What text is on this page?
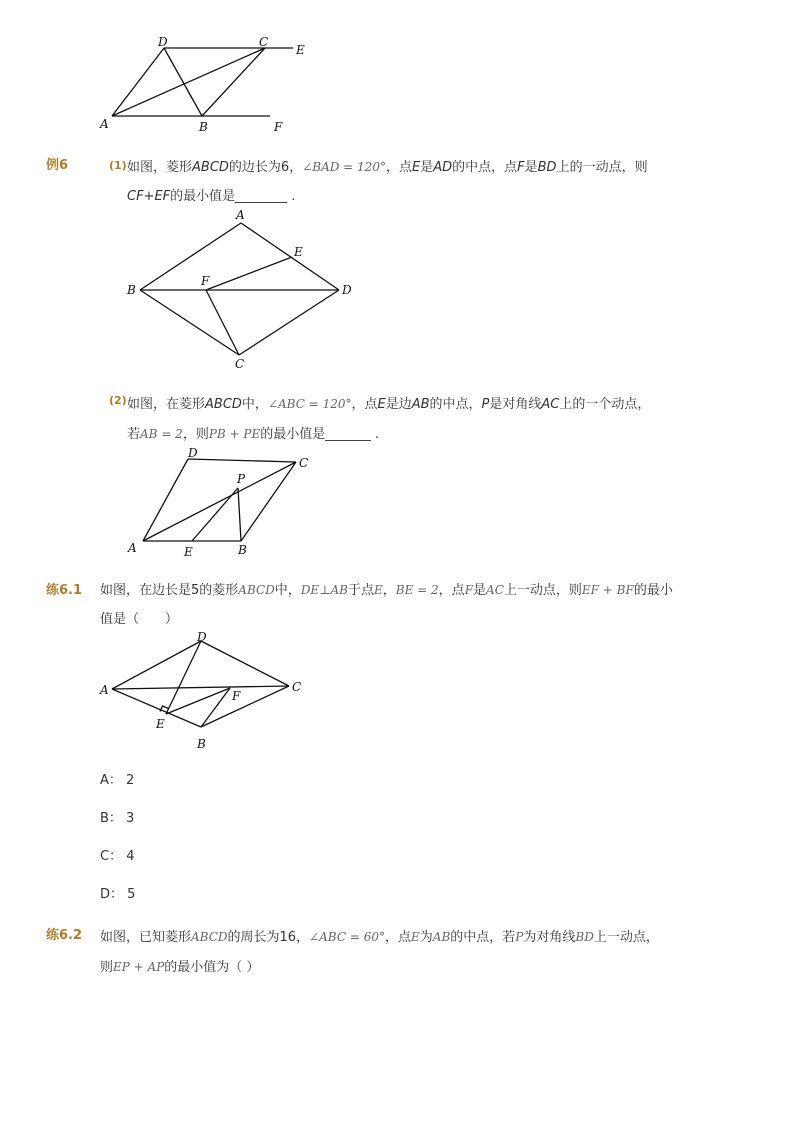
D	C
E
A	B	F
例6	(1) 如图，菱形ABCD的边长为6，∠BAD = 120°，点E是AD的中点，点F是BD上的一动点，则
CF+EF的最小值是________ .
A
E
F
B	D
C
(2) 如图，在菱形ABCD中，∠ABC = 120°，点E是边AB的中点，P是对角线AC上的一个动点，
若AB = 2，则PB + PE的最小值是_______ .
D
C
P
A	E	B
练6.1 如图，在边长是5的菱形ABCD中，DE⊥AB于点E，BE = 2，点F是AC上一动点，则EF + BF的最小
值是（　　）
A
D
C
F
E
B
A： 2
B： 3
C： 4
D： 5
练6.2 如图，已知菱形ABCD的周长为16，∠ABC = 60°，点E为AB的中点，若P为对角线BD上一动点，
则EP + AP的最小值为（ ）
